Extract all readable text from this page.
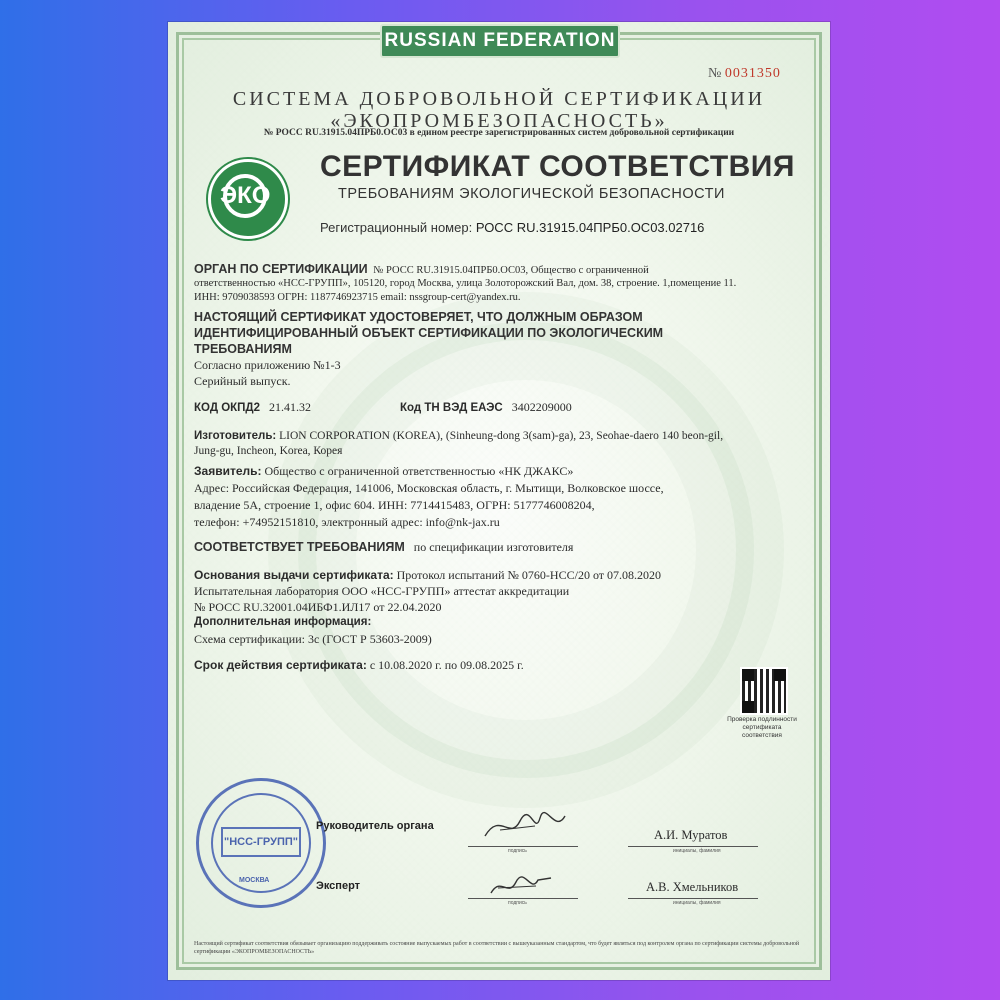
RUSSIAN FEDERATION
№ 0031350
СИСТЕМА ДОБРОВОЛЬНОЙ СЕРТИФИКАЦИИ
«ЭКОПРОМБЕЗОПАСНОСТЬ»
№ РОСС RU.31915.04ПРБ0.ОС03 в едином реестре зарегистрированных систем добровольной сертификации
ЭКО
СЕРТИФИКАТ СООТВЕТСТВИЯ
ТРЕБОВАНИЯМ ЭКОЛОГИЧЕСКОЙ БЕЗОПАСНОСТИ
Регистрационный номер: РОСС RU.31915.04ПРБ0.ОС03.02716
ОРГАН ПО СЕРТИФИКАЦИИ № РОСС RU.31915.04ПРБ0.ОС03, Общество с ограниченной
ответственностью «НСС-ГРУПП», 105120, город Москва, улица Золоторожский Вал, дом. 38, строение. 1,помещение 11.
ИНН: 9709038593 ОГРН: 1187746923715 email: nssgroup-cert@yandex.ru.
НАСТОЯЩИЙ СЕРТИФИКАТ УДОСТОВЕРЯЕТ, ЧТО ДОЛЖНЫМ ОБРАЗОМ
ИДЕНТИФИЦИРОВАННЫЙ ОБЪЕКТ СЕРТИФИКАЦИИ ПО ЭКОЛОГИЧЕСКИМ
ТРЕБОВАНИЯМ
Согласно приложению №1-3
Серийный выпуск.
КОД ОКПД2 21.41.32	Код ТН ВЭД ЕАЭС 3402209000
Изготовитель: LION CORPORATION (KOREA), (Sinheung-dong 3(sam)-ga), 23, Seohae-daero 140 beon-gil,
Jung-gu, Incheon, Korea, Корея
Заявитель: Общество с ограниченной ответственностью «НК ДЖАКС»
Адрес: Российская Федерация, 141006, Московская область, г. Мытищи, Волковское шоссе,
владение 5А, строение 1, офис 604. ИНН: 7714415483, ОГРН: 5177746008204,
телефон: +74952151810, электронный адрес: info@nk-jax.ru
СООТВЕТСТВУЕТ ТРЕБОВАНИЯМ по спецификации изготовителя
Основания выдачи сертификата: Протокол испытаний № 0760-НСС/20 от 07.08.2020
Испытательная лаборатория ООО «НСС-ГРУПП» аттестат аккредитации
№ РОСС RU.32001.04ИБФ1.ИЛ17 от 22.04.2020
Дополнительная информация:
Схема сертификации: 3с (ГОСТ Р 53603-2009)
Срок действия сертификата: с 10.08.2020 г. по 09.08.2025 г.
Проверка подлинности сертификата соответствия
"НСС-ГРУПП"
МОСКВА
Руководитель органа
подпись
А.И. Муратов
инициалы, фамилия
Эксперт
подпись
А.В. Хмельников
инициалы, фамилия
Настоящий сертификат соответствия обязывает организацию поддерживать состояние выпускаемых работ в соответствии с вышеуказанным стандартом, что будет являться под контролем органа по сертификации системы добровольной сертификации «ЭКОПРОМБЕЗОПАСНОСТЬ»
